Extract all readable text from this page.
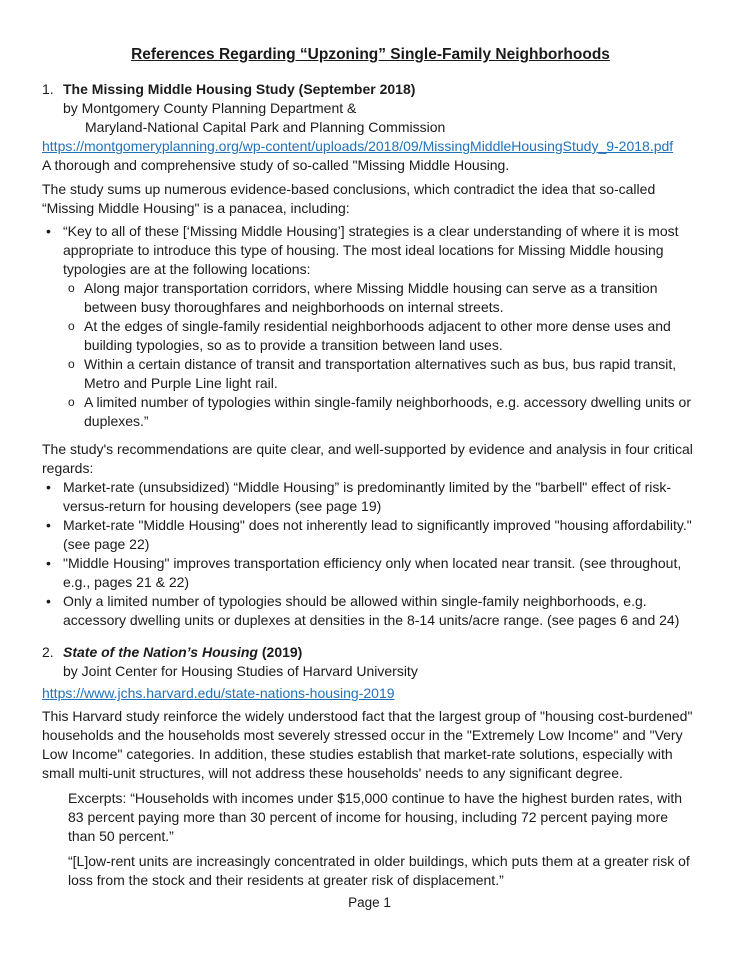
References Regarding “Upzoning” Single-Family Neighborhoods
1. The Missing Middle Housing Study (September 2018)
by Montgomery County Planning Department &
Maryland-National Capital Park and Planning Commission
https://montgomeryplanning.org/wp-content/uploads/2018/09/MissingMiddleHousingStudy_9-2018.pdf
A thorough and comprehensive study of so-called "Missing Middle Housing.
The study sums up numerous evidence-based conclusions, which contradict the idea that so-called “Missing Middle Housing" is a panacea, including:
• “Key to all of these [‘Missing Middle Housing’] strategies is a clear understanding of where it is most appropriate to introduce this type of housing. The most ideal locations for Missing Middle housing typologies are at the following locations:
o Along major transportation corridors, where Missing Middle housing can serve as a transition between busy thoroughfares and neighborhoods on internal streets.
o At the edges of single-family residential neighborhoods adjacent to other more dense uses and building typologies, so as to provide a transition between land uses.
o Within a certain distance of transit and transportation alternatives such as bus, bus rapid transit, Metro and Purple Line light rail.
o A limited number of typologies within single-family neighborhoods, e.g. accessory dwelling units or duplexes.”
The study's recommendations are quite clear, and well-supported by evidence and analysis in four critical regards:
• Market-rate (unsubsidized) “Middle Housing” is predominantly limited by the "barbell" effect of risk-versus-return for housing developers (see page 19)
• Market-rate "Middle Housing" does not inherently lead to significantly improved "housing affordability." (see page 22)
• "Middle Housing" improves transportation efficiency only when located near transit. (see throughout, e.g., pages 21 & 22)
• Only a limited number of typologies should be allowed within single-family neighborhoods, e.g. accessory dwelling units or duplexes at densities in the 8-14 units/acre range. (see pages 6 and 24)
2. State of the Nation’s Housing (2019)
by Joint Center for Housing Studies of Harvard University
https://www.jchs.harvard.edu/state-nations-housing-2019
This Harvard study reinforce the widely understood fact that the largest group of "housing cost-burdened" households and the households most severely stressed occur in the "Extremely Low Income" and "Very Low Income" categories. In addition, these studies establish that market-rate solutions, especially with small multi-unit structures, will not address these households' needs to any significant degree.
Excerpts: “Households with incomes under $15,000 continue to have the highest burden rates, with 83 percent paying more than 30 percent of income for housing, including 72 percent paying more than 50 percent.”
“[L]ow-rent units are increasingly concentrated in older buildings, which puts them at a greater risk of loss from the stock and their residents at greater risk of displacement.”
Page 1
